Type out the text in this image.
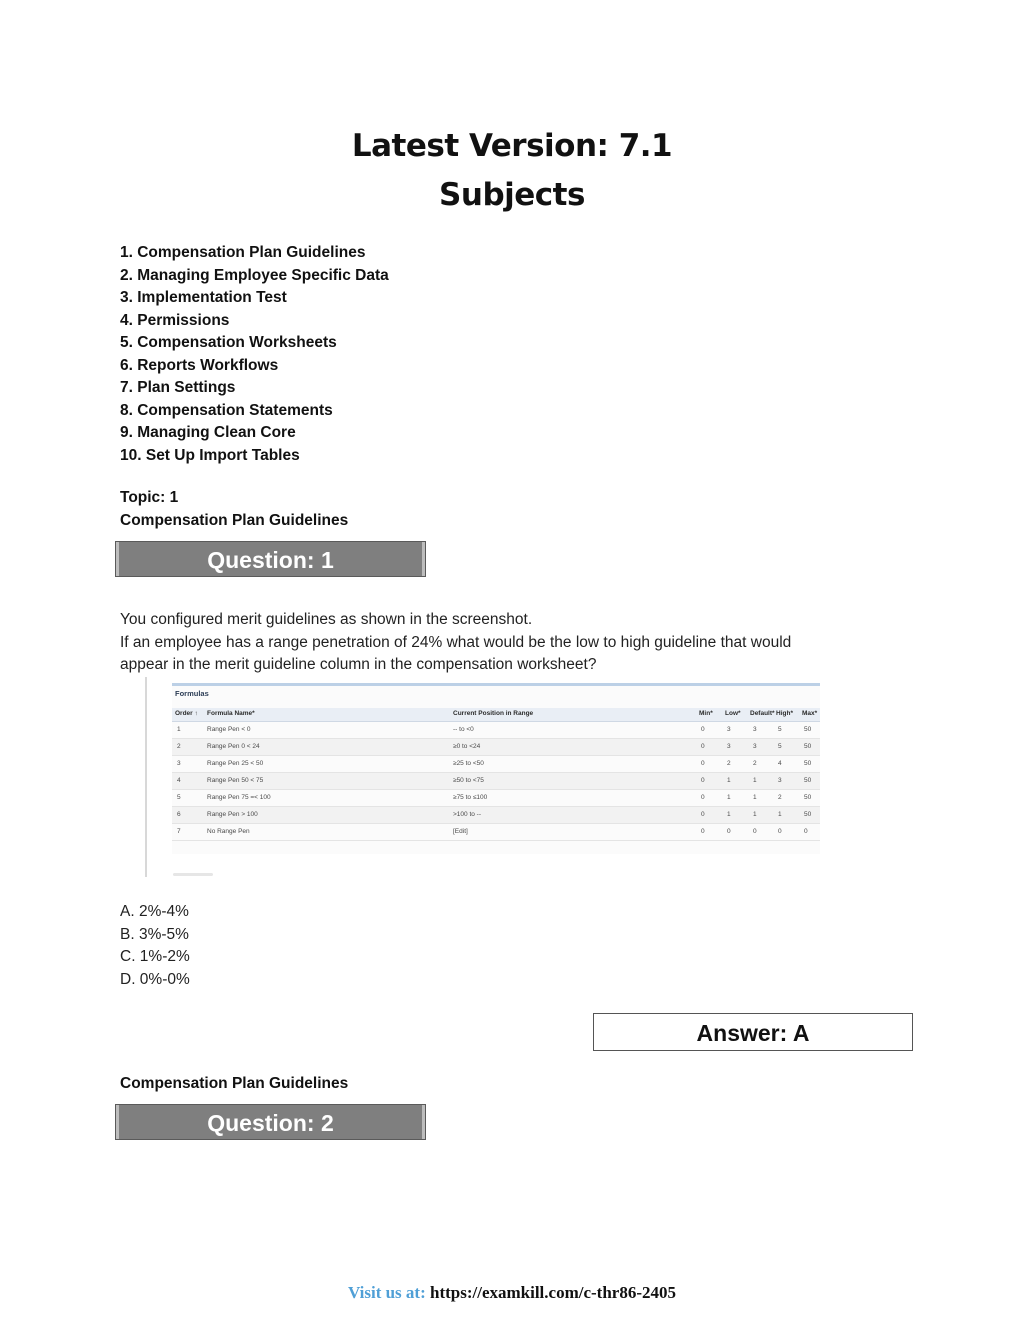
Latest Version: 7.1
Subjects
1. Compensation Plan Guidelines
2. Managing Employee Specific Data
3. Implementation Test
4. Permissions
5. Compensation Worksheets
6. Reports Workflows
7. Plan Settings
8. Compensation Statements
9. Managing Clean Core
10. Set Up Import Tables

Topic: 1

Compensation Plan Guidelines

Question: 1
You configured merit guidelines as shown in the screenshot.
If an employee has a range penetration of 24% what would be the low to high guideline that would
appear in the merit guideline column in the compensation worksheet?
Formulas
Order ↑ Formula Name*	Current Position in Range	Min* Low* Default* High* Max*
1	Range Pen < 0	-- to <0	0	3	3	5	50
2	Range Pen 0 < 24	≥0 to <24	0	3	3	5	50
3	Range Pen 25 < 50	≥25 to <50	0	2	2	4	50
4	Range Pen 50 < 75	≥50 to <75	0	1	1	3	50
5	Range Pen 75 =< 100	≥75 to ≤100	0	1	1	2	50
6	Range Pen > 100	>100 to --	0	1	1	1	50
7	No Range Pen	[Edit]	0	0	0	0	0
A. 2%-4%
B. 3%-5%
C. 1%-2%
D. 0%-0%
Answer: A

Compensation Plan Guidelines

Question: 2
Visit us at: https://examkill.com/c-thr86-2405
